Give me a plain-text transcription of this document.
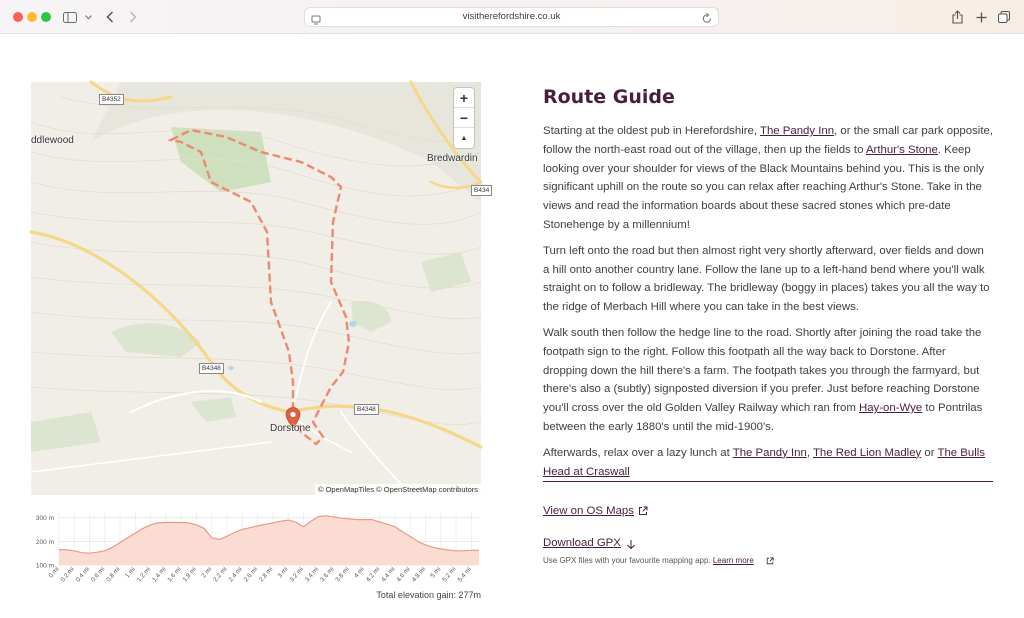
visitherefordshire.co.uk
ddlewood
Bredwardin
Dorstone
B4352
B4348
B4348
B434
© OpenMapTiles © OpenStreetMap contributors
+
−
▲
300 m
200 m
100 m
0 mi
0.2 mi
0.4 mi
0.6 mi
0.8 mi 1 mi
1.2 mi
1.4 mi
1.6 mi
1.8 mi 2 mi
2.2 mi
2.4 mi
2.6 mi
2.8 mi 3 mi
3.2 mi
3.4 mi
3.6 mi
3.8 mi 4 mi
4.2 mi
4.4 mi
4.6 mi
4.8 mi 5 mi
5.2 mi
5.4 mi
Total elevation gain: 277m
Route Guide

Starting at the oldest pub in Herefordshire, The Pandy Inn, or the small car park opposite, follow the north-east road out of the village, then up the fields to Arthur's Stone. Keep looking over your shoulder for views of the Black Mountains behind you. This is the only significant uphill on the route so you can relax after reaching Arthur's Stone. Take in the views and read the information boards about these sacred stones which pre-date Stonehenge by a millennium!

Turn left onto the road but then almost right very shortly afterward, over fields and down a hill onto another country lane. Follow the lane up to a left-hand bend where you'll walk straight on to follow a bridleway. The bridleway (boggy in places) takes you all the way to the ridge of Merbach Hill where you can take in the best views.

Walk south then follow the hedge line to the road. Shortly after joining the road take the footpath sign to the right. Follow this footpath all the way back to Dorstone. After dropping down the hill there's a farm. The footpath takes you through the farmyard, but there's also a (subtly) signposted diversion if you prefer. Just before reaching Dorstone you'll cross over the old Golden Valley Railway which ran from Hay-on-Wye to Pontrilas between the early 1880's until the mid-1900's.

Afterwards, relax over a lazy lunch at The Pandy Inn, The Red Lion Madley or The Bulls Head at Craswall

View on OS Maps
Download GPX
Use GPX files with your favourite mapping app. Learn more
